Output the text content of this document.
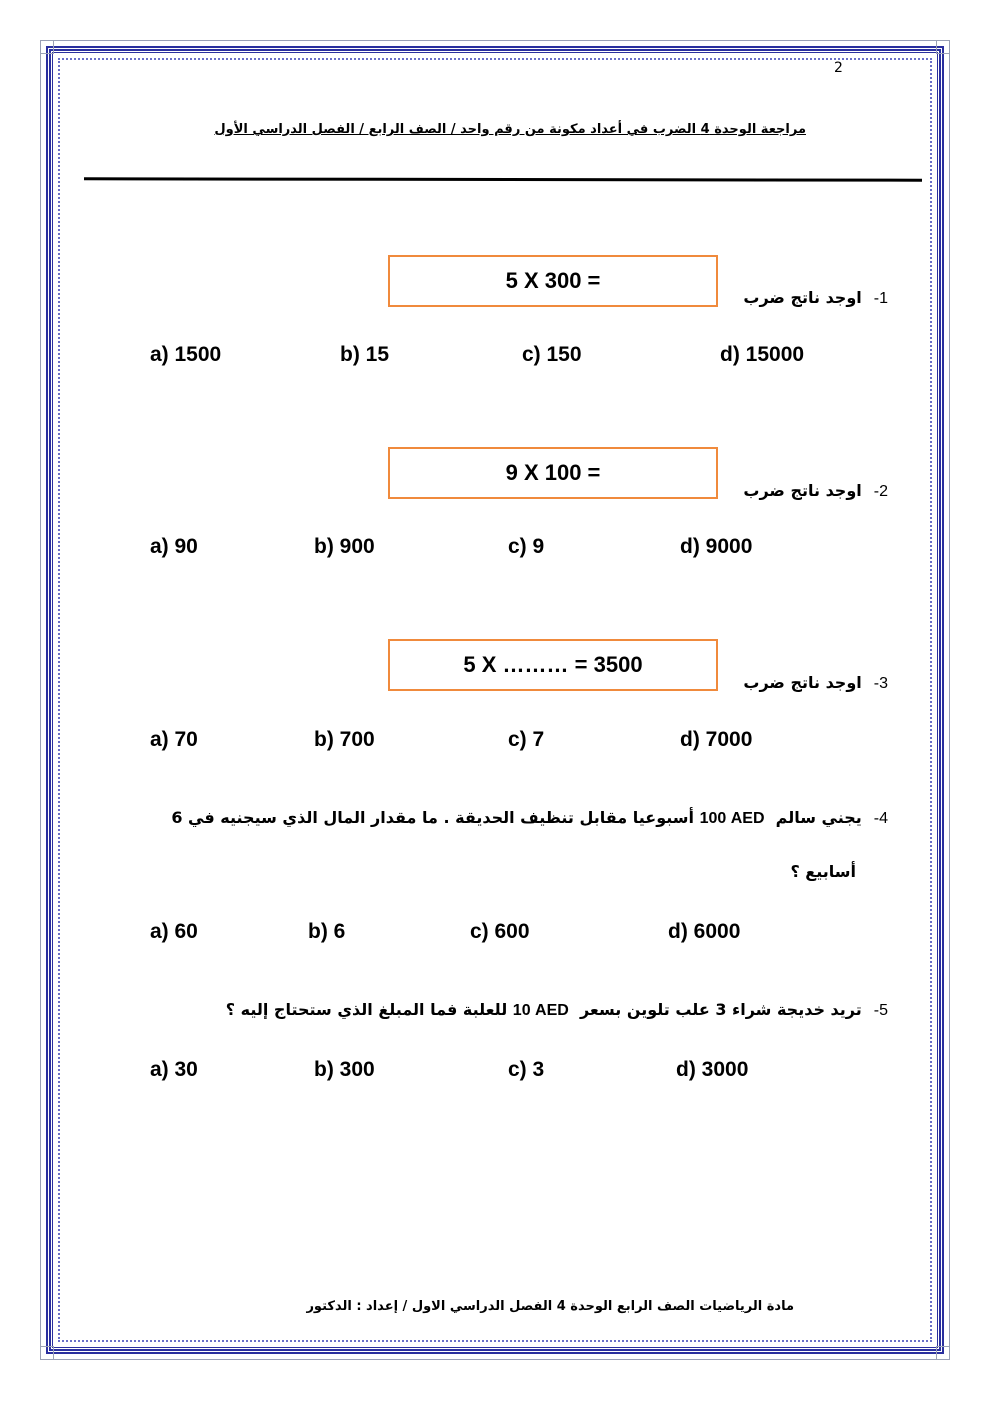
2
مراجعة الوحدة 4 الضرب في أعداد مكونة من رقم واحد / الصف الرابع / الفصل الدراسي الأول
5 X 300 =
-1اوجد ناتج ضرب
a) 1500	b) 15	c) 150	d) 15000
9 X 100 =
-2اوجد ناتج ضرب
a) 90	b) 900	c) 9	d) 9000
5 X ……… = 3500
-3اوجد ناتج ضرب
a) 70	b) 700	c) 7	d) 7000
-4يجني سالم  100 AED أسبوعيا مقابل تنظيف الحديقة . ما مقدار المال الذي سيجنيه في 6
أسابيع ؟
a) 60	b) 6	c) 600	d) 6000
-5تريد خديجة شراء 3 علب تلوين بسعر  10 AED للعلبة فما المبلغ الذي ستحتاج إليه ؟
a) 30	b) 300	c) 3	d) 3000
مادة الرياضيات الصف الرابع الوحدة 4 الفصل الدراسي الاول / إعداد : الدكتور
